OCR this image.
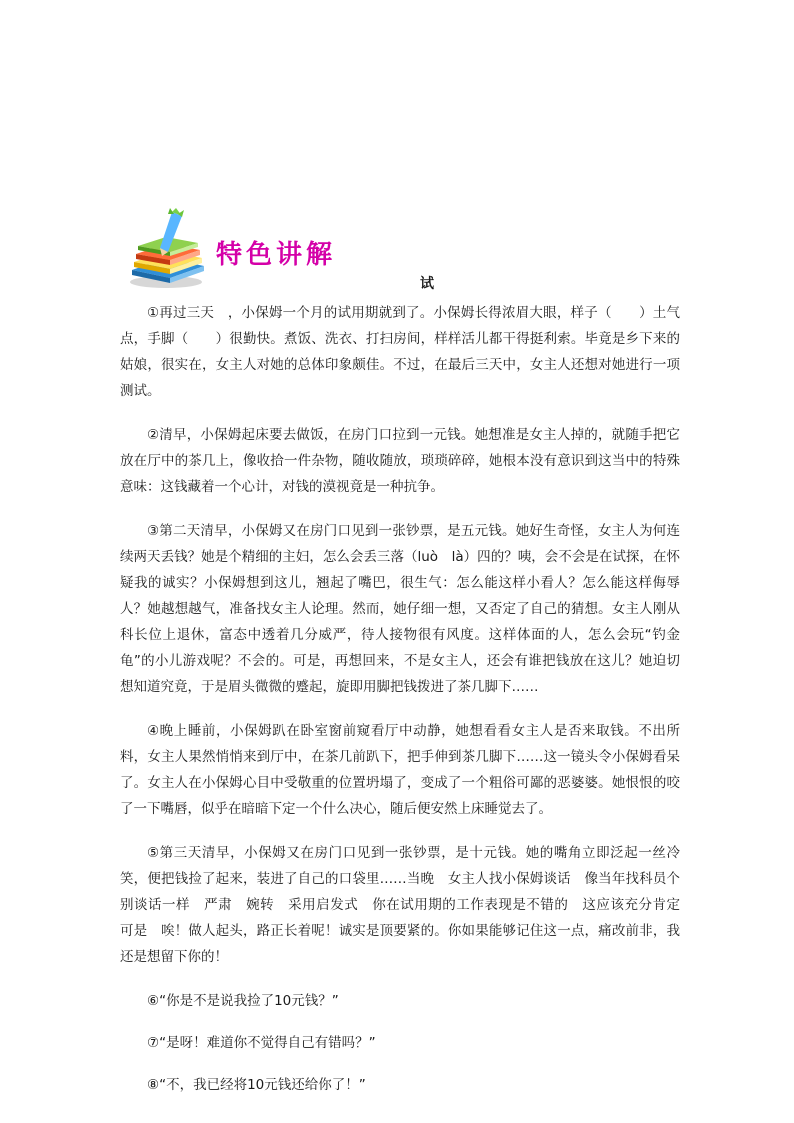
特色讲解
试

①再过三天　，小保姆一个月的试用期就到了。小保姆长得浓眉大眼，样子（　　）土气点，手脚（　　）很勤快。煮饭、洗衣、打扫房间，样样活儿都干得挺利索。毕竟是乡下来的姑娘，很实在，女主人对她的总体印象颇佳。不过，在最后三天中，女主人还想对她进行一项测试。

②清早，小保姆起床要去做饭，在房门口拉到一元钱。她想准是女主人掉的，就随手把它放在厅中的茶几上，像收拾一件杂物，随收随放，琐琐碎碎，她根本没有意识到这当中的特殊意味：这钱藏着一个心计，对钱的漠视竟是一种抗争。

③第二天清早，小保姆又在房门口见到一张钞票，是五元钱。她好生奇怪，女主人为何连续两天丢钱？她是个精细的主妇，怎么会丢三落（luò　là）四的？咦，会不会是在试探，在怀疑我的诚实？小保姆想到这儿，翘起了嘴巴，很生气：怎么能这样小看人？怎么能这样侮辱人？她越想越气，准备找女主人论理。然而，她仔细一想，又否定了自己的猜想。女主人刚从科长位上退休，富态中透着几分威严，待人接物很有风度。这样体面的人，怎么会玩“钓金龟”的小儿游戏呢？不会的。可是，再想回来，不是女主人，还会有谁把钱放在这儿？她迫切想知道究竟，于是眉头微微的蹙起，旋即用脚把钱拨进了茶几脚下……

④晚上睡前，小保姆趴在卧室窗前窥看厅中动静，她想看看女主人是否来取钱。不出所料，女主人果然悄悄来到厅中，在茶几前趴下，把手伸到茶几脚下……这一镜头令小保姆看呆了。女主人在小保姆心目中受敬重的位置坍塌了，变成了一个粗俗可鄙的恶婆婆。她恨恨的咬了一下嘴唇，似乎在暗暗下定一个什么决心，随后便安然上床睡觉去了。

⑤第三天清早，小保姆又在房门口见到一张钞票，是十元钱。她的嘴角立即泛起一丝冷笑，便把钱捡了起来，装进了自己的口袋里……当晚　女主人找小保姆谈话　像当年找科员个别谈话一样　严肃　婉转　采用启发式　你在试用期的工作表现是不错的　这应该充分肯定　可是　唉！做人起头，路正长着呢！诚实是顶要紧的。你如果能够记住这一点，痛改前非，我还是想留下你的！

⑥“你是不是说我捡了10元钱？”

⑦“是呀！难道你不觉得自己有错吗？”

⑧“不，我已经将10元钱还给你了！”
